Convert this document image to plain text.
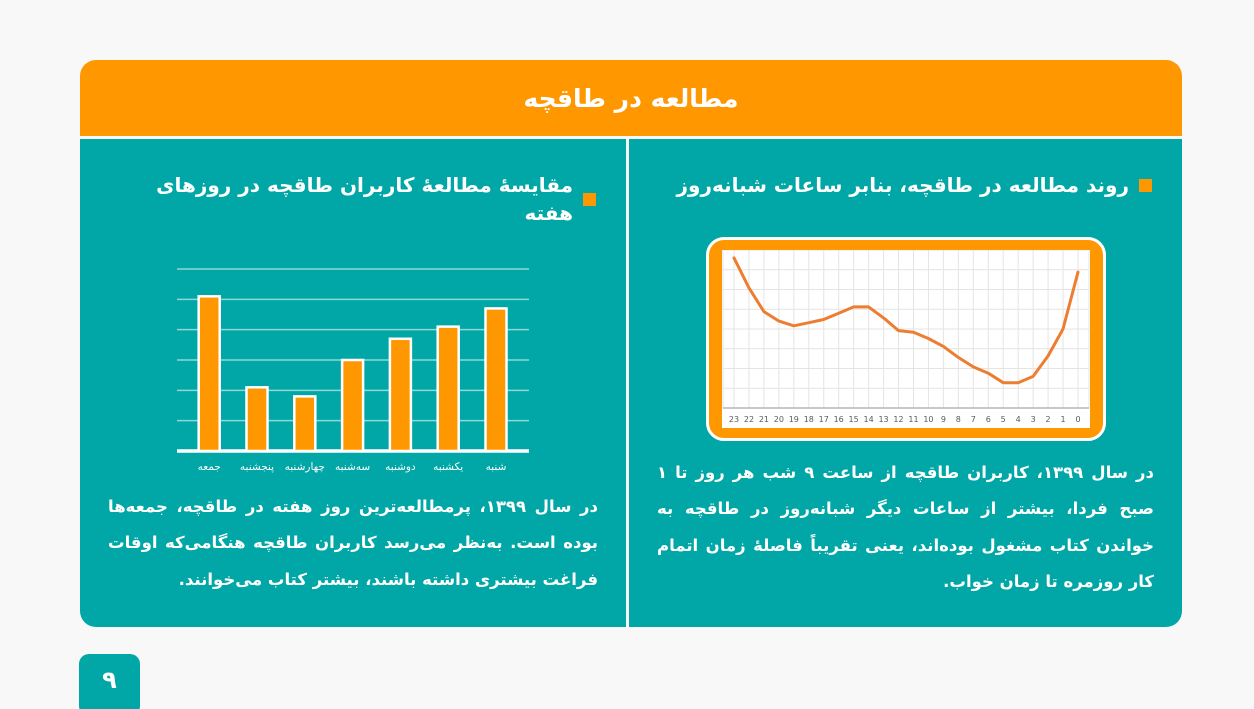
مطالعه در طاقچه
روند مطالعه در طاقچه، بنابر ساعات شبانه‌روز
23 22 21 20 19 18 17 16 15 14 13 12 11 10 9 8 7 6 5 4 3 2 1 0

در سال ۱۳۹۹، کاربران طاقچه از ساعت ۹ شب هر روز تا ۱ صبح فردا، بیشتر از ساعات دیگر شبانه‌روز در طاقچه به خواندن کتاب مشغول بوده‌اند، یعنی تقریباً فاصلهٔ زمان اتمام کار روزمره تا زمان خواب.

مقایسهٔ مطالعهٔ کاربران طاقچه در روزهای هفته
شنبه
یکشنبه
دوشنبه
سه‌شنبه
چهارشنبه
پنجشنبه
جمعه

در سال ۱۳۹۹، پرمطالعه‌ترین روز هفته در طاقچه، جمعه‌ها بوده است. به‌نظر می‌رسد کاربران طاقچه هنگامی‌که اوقات فراغت بیشتری داشته باشند، بیشتر کتاب می‌خوانند.

۹
